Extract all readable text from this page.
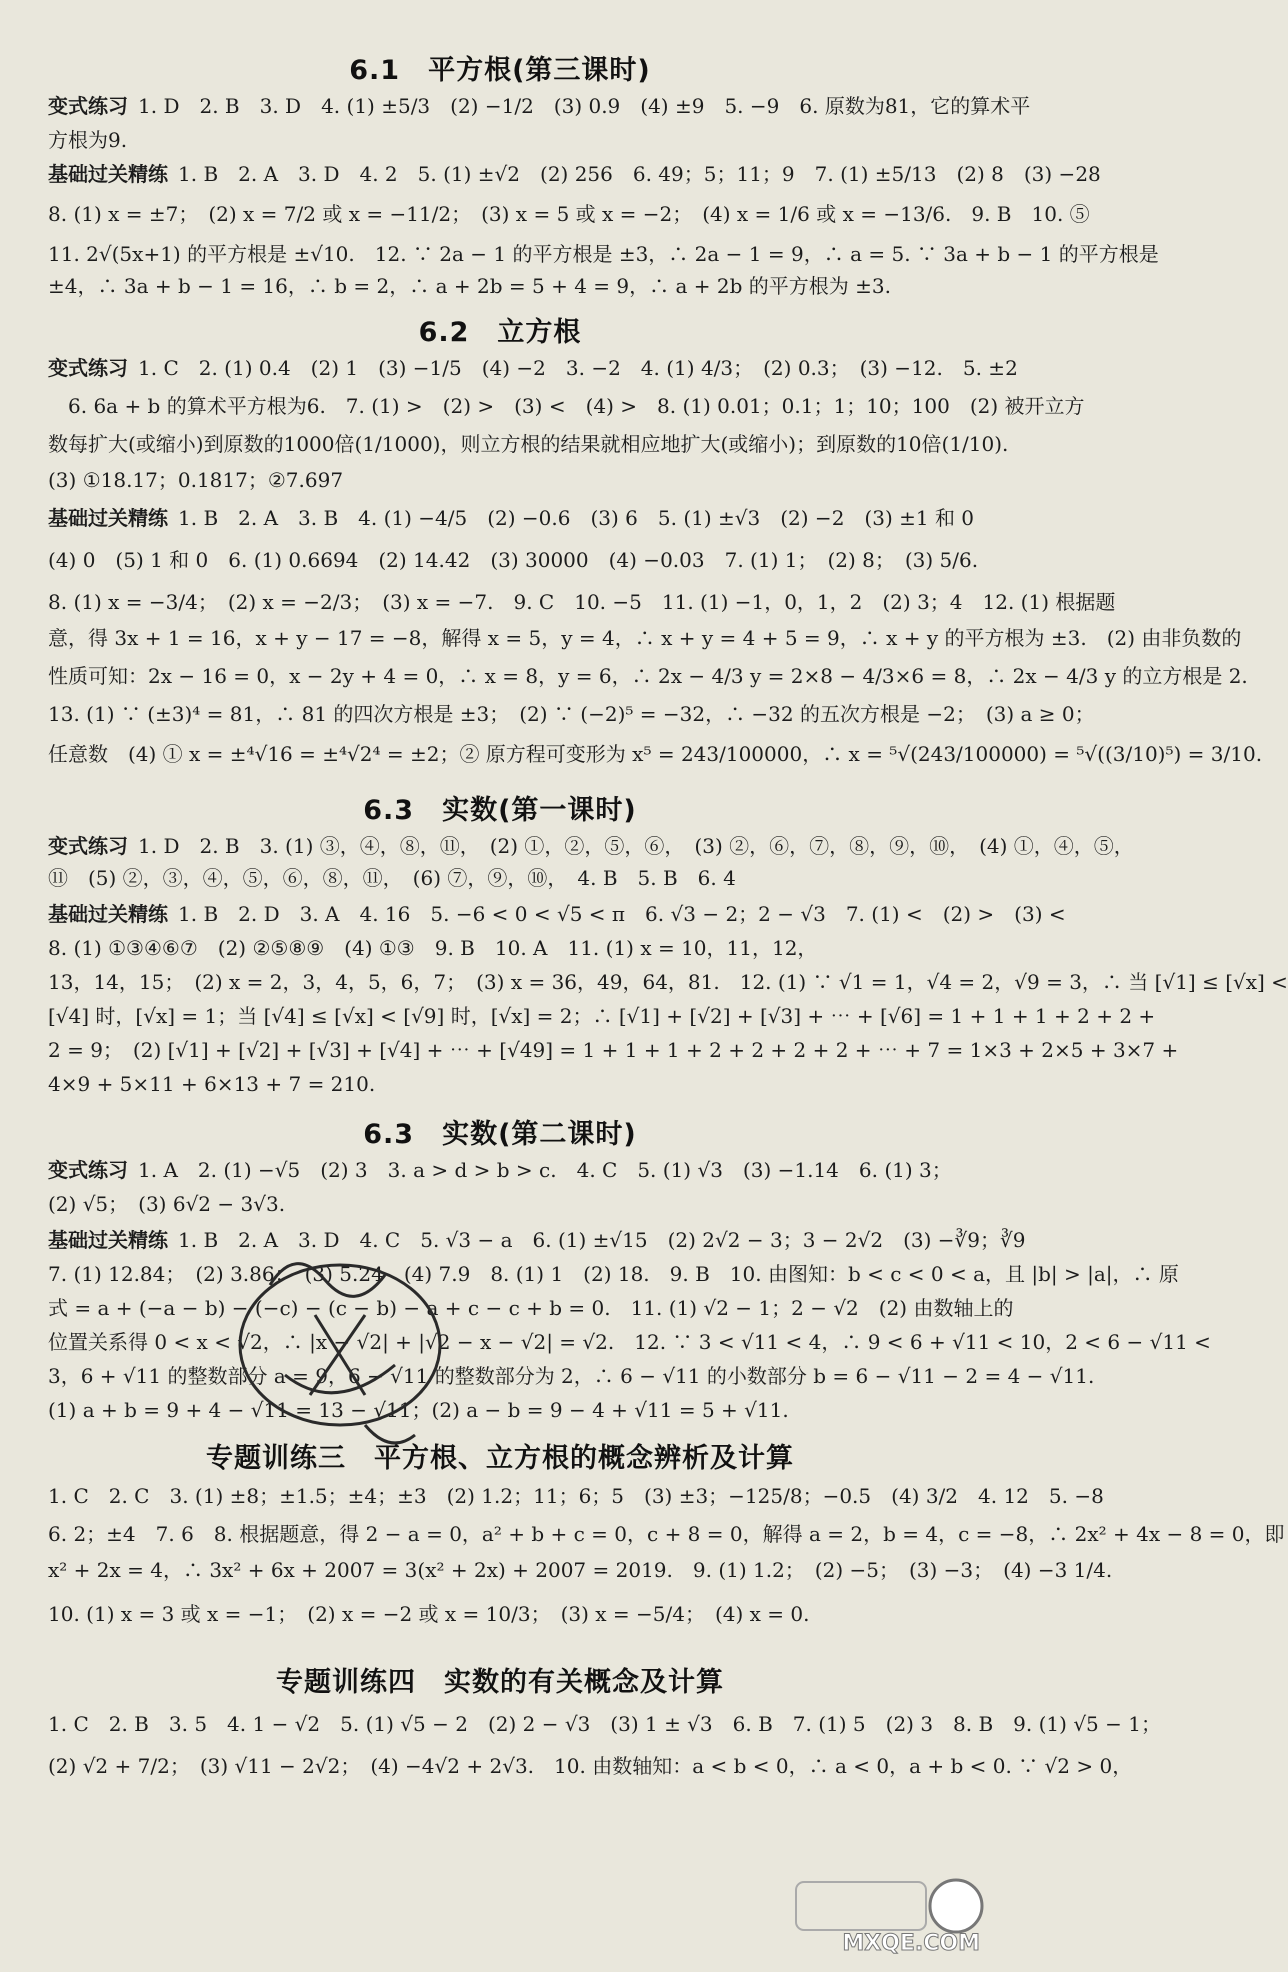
6.1　平方根(第三课时)
变式练习 1. D　2. B　3. D　4. (1) ±5/3　(2) −1/2　(3) 0.9　(4) ±9　5. −9　6. 原数为81，它的算术平
方根为9.
基础过关精练 1. B　2. A　3. D　4. 2　5. (1) ±√2　(2) 256　6. 49；5；11；9　7. (1) ±5/13　(2) 8　(3) −28
8. (1) x = ±7；　(2) x = 7/2 或 x = −11/2；　(3) x = 5 或 x = −2；　(4) x = 1/6 或 x = −13/6.　9. B　10. ⑤
11. 2√(5x+1) 的平方根是 ±√10.　12. ∵ 2a − 1 的平方根是 ±3，∴ 2a − 1 = 9，∴ a = 5. ∵ 3a + b − 1 的平方根是
±4，∴ 3a + b − 1 = 16，∴ b = 2，∴ a + 2b = 5 + 4 = 9，∴ a + 2b 的平方根为 ±3.
6.2　立方根
变式练习 1. C　2. (1) 0.4　(2) 1　(3) −1/5　(4) −2　3. −2　4. (1) 4/3；　(2) 0.3；　(3) −12.　5. ±2
　6. 6a + b 的算术平方根为6.　7. (1) >　(2) >　(3) <　(4) >　8. (1) 0.01；0.1；1；10；100　(2) 被开立方
数每扩大(或缩小)到原数的1000倍(1/1000)，则立方根的结果就相应地扩大(或缩小)；到原数的10倍(1/10).
(3) ①18.17；0.1817；②7.697
基础过关精练 1. B　2. A　3. B　4. (1) −4/5　(2) −0.6　(3) 6　5. (1) ±√3　(2) −2　(3) ±1 和 0
(4) 0　(5) 1 和 0　6. (1) 0.6694　(2) 14.42　(3) 30000　(4) −0.03　7. (1) 1；　(2) 8；　(3) 5/6.
8. (1) x = −3/4；　(2) x = −2/3；　(3) x = −7.　9. C　10. −5　11. (1) −1，0，1，2　(2) 3；4　12. (1) 根据题
意，得 3x + 1 = 16，x + y − 17 = −8，解得 x = 5，y = 4，∴ x + y = 4 + 5 = 9，∴ x + y 的平方根为 ±3.　(2) 由非负数的
性质可知：2x − 16 = 0，x − 2y + 4 = 0，∴ x = 8，y = 6，∴ 2x − 4/3 y = 2×8 − 4/3×6 = 8，∴ 2x − 4/3 y 的立方根是 2.
13. (1) ∵ (±3)⁴ = 81，∴ 81 的四次方根是 ±3；　(2) ∵ (−2)⁵ = −32，∴ −32 的五次方根是 −2；　(3) a ≥ 0；
任意数　(4) ① x = ±⁴√16 = ±⁴√2⁴ = ±2；② 原方程可变形为 x⁵ = 243/100000，∴ x = ⁵√(243/100000) = ⁵√((3/10)⁵) = 3/10.
6.3　实数(第一课时)
变式练习 1. D　2. B　3. (1) ③，④，⑧，⑪，　(2) ①，②，⑤，⑥，　(3) ②，⑥，⑦，⑧，⑨，⑩，　(4) ①，④，⑤，
⑪　(5) ②，③，④，⑤，⑥，⑧，⑪，　(6) ⑦，⑨，⑩，　4. B　5. B　6. 4
基础过关精练 1. B　2. D　3. A　4. 16　5. −6 < 0 < √5 < π　6. √3 − 2；2 − √3　7. (1) <　(2) >　(3) <
8. (1) ①③④⑥⑦　(2) ②⑤⑧⑨　(4) ①③　9. B　10. A　11. (1) x = 10，11，12，
13，14，15；　(2) x = 2，3，4，5，6，7；　(3) x = 36，49，64，81.　12. (1) ∵ √1 = 1，√4 = 2，√9 = 3，∴ 当 [√1] ≤ [√x] <
[√4] 时，[√x] = 1；当 [√4] ≤ [√x] < [√9] 时，[√x] = 2；∴ [√1] + [√2] + [√3] + ⋯ + [√6] = 1 + 1 + 1 + 2 + 2 +
2 = 9；　(2) [√1] + [√2] + [√3] + [√4] + ⋯ + [√49] = 1 + 1 + 1 + 2 + 2 + 2 + 2 + ⋯ + 7 = 1×3 + 2×5 + 3×7 +
4×9 + 5×11 + 6×13 + 7 = 210.
6.3　实数(第二课时)
变式练习 1. A　2. (1) −√5　(2) 3　3. a > d > b > c.　4. C　5. (1) √3　(3) −1.14　6. (1) 3；
(2) √5；　(3) 6√2 − 3√3.
基础过关精练 1. B　2. A　3. D　4. C　5. √3 − a　6. (1) ±√15　(2) 2√2 − 3；3 − 2√2　(3) −∛9；∛9
7. (1) 12.84；　(2) 3.86；　(3) 5.24　(4) 7.9　8. (1) 1　(2) 18.　9. B　10. 由图知：b < c < 0 < a，且 |b| > |a|，∴ 原
式 = a + (−a − b) − (−c) − (c − b) − a + c − c + b = 0.　11. (1) √2 − 1；2 − √2　(2) 由数轴上的
位置关系得 0 < x < √2，∴ |x − √2| + |√2 − x − √2| = √2.　12. ∵ 3 < √11 < 4，∴ 9 < 6 + √11 < 10，2 < 6 − √11 <
3，6 + √11 的整数部分 a = 9，6 − √11 的整数部分为 2，∴ 6 − √11 的小数部分 b = 6 − √11 − 2 = 4 − √11.
(1) a + b = 9 + 4 − √11 = 13 − √11；(2) a − b = 9 − 4 + √11 = 5 + √11.
专题训练三　平方根、立方根的概念辨析及计算
1. C　2. C　3. (1) ±8；±1.5；±4；±3　(2) 1.2；11；6；5　(3) ±3；−125/8；−0.5　(4) 3/2　4. 12　5. −8
6. 2；±4　7. 6　8. 根据题意，得 2 − a = 0，a² + b + c = 0，c + 8 = 0，解得 a = 2，b = 4，c = −8，∴ 2x² + 4x − 8 = 0，即
x² + 2x = 4，∴ 3x² + 6x + 2007 = 3(x² + 2x) + 2007 = 2019.　9. (1) 1.2；　(2) −5；　(3) −3；　(4) −3 1/4.
10. (1) x = 3 或 x = −1；　(2) x = −2 或 x = 10/3；　(3) x = −5/4；　(4) x = 0.
专题训练四　实数的有关概念及计算
1. C　2. B　3. 5　4. 1 − √2　5. (1) √5 − 2　(2) 2 − √3　(3) 1 ± √3　6. B　7. (1) 5　(2) 3　8. B　9. (1) √5 − 1；
(2) √2 + 7/2；　(3) √11 − 2√2；　(4) −4√2 + 2√3.　10. 由数轴知：a < b < 0，∴ a < 0，a + b < 0. ∵ √2 > 0，
MXQE.COM
